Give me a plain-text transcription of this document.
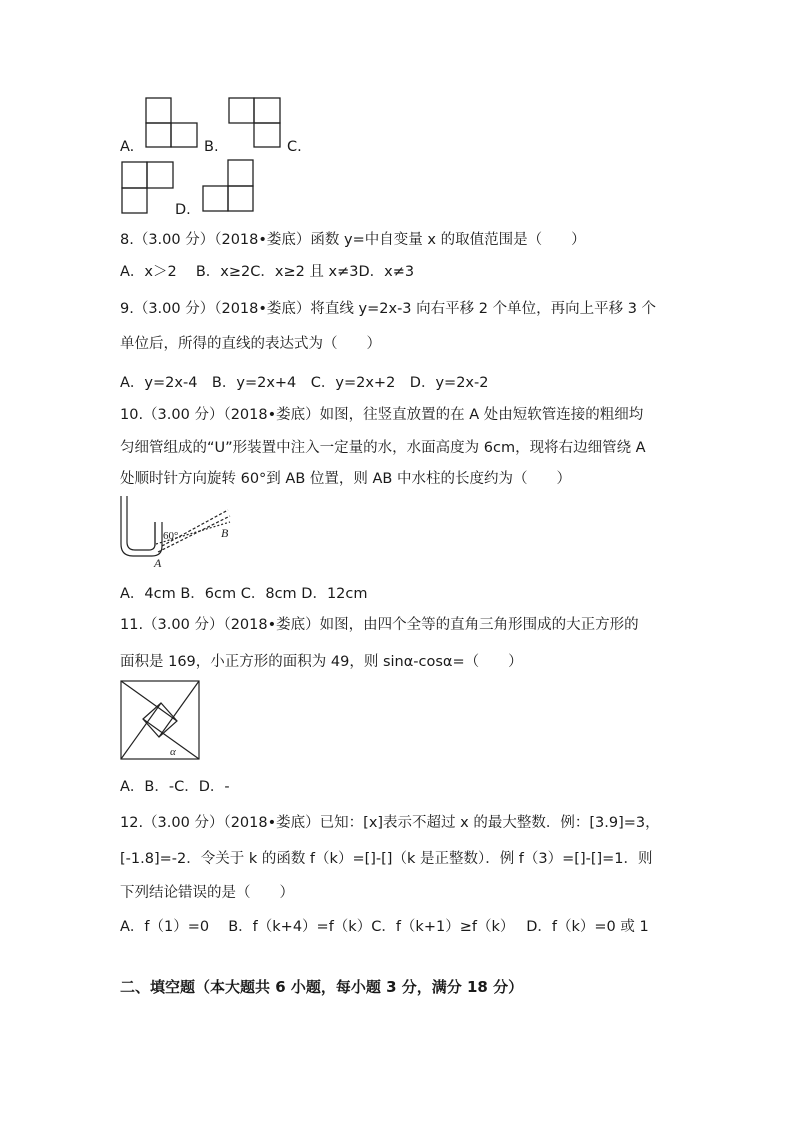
A.	B.	C.
D.
8.（3.00 分）（2018•娄底）函数 y=中自变量 x 的取值范围是（　　）
A．x＞2　 B．x≥2C．x≥2 且 x≠3D．x≠3
9.（3.00 分）（2018•娄底）将直线 y=2x-3 向右平移 2 个单位，再向上平移 3 个
单位后，所得的直线的表达式为（　　）
A．y=2x-4　B．y=2x+4　C．y=2x+2　D．y=2x-2
10.（3.00 分）（2018•娄底）如图，往竖直放置的在 A 处由短软管连接的粗细均
匀细管组成的“U”形装置中注入一定量的水，水面高度为 6cm，现将右边细管绕 A
处顺时针方向旋转 60°到 AB 位置，则 AB 中水柱的长度约为（　　）
60°
A
B
A．4cm B．6cm C．8cm D．12cm
11.（3.00 分）（2018•娄底）如图，由四个全等的直角三角形围成的大正方形的
面积是 169，小正方形的面积为 49，则 sinα-cosα=（　　）
α
A．B．-C．D．-
12.（3.00 分）（2018•娄底）已知：[x]表示不超过 x 的最大整数．例：[3.9]=3，
[-1.8]=-2．令关于 k 的函数 f（k）=[]-[]（k 是正整数）．例 f（3）=[]-[]=1．则
下列结论错误的是（　　）
A．f（1）=0　 B．f（k+4）=f（k）C．f（k+1）≥f（k）　 D．f（k）=0 或 1
二、填空题（本大题共 6 小题，每小题 3 分，满分 18 分）
